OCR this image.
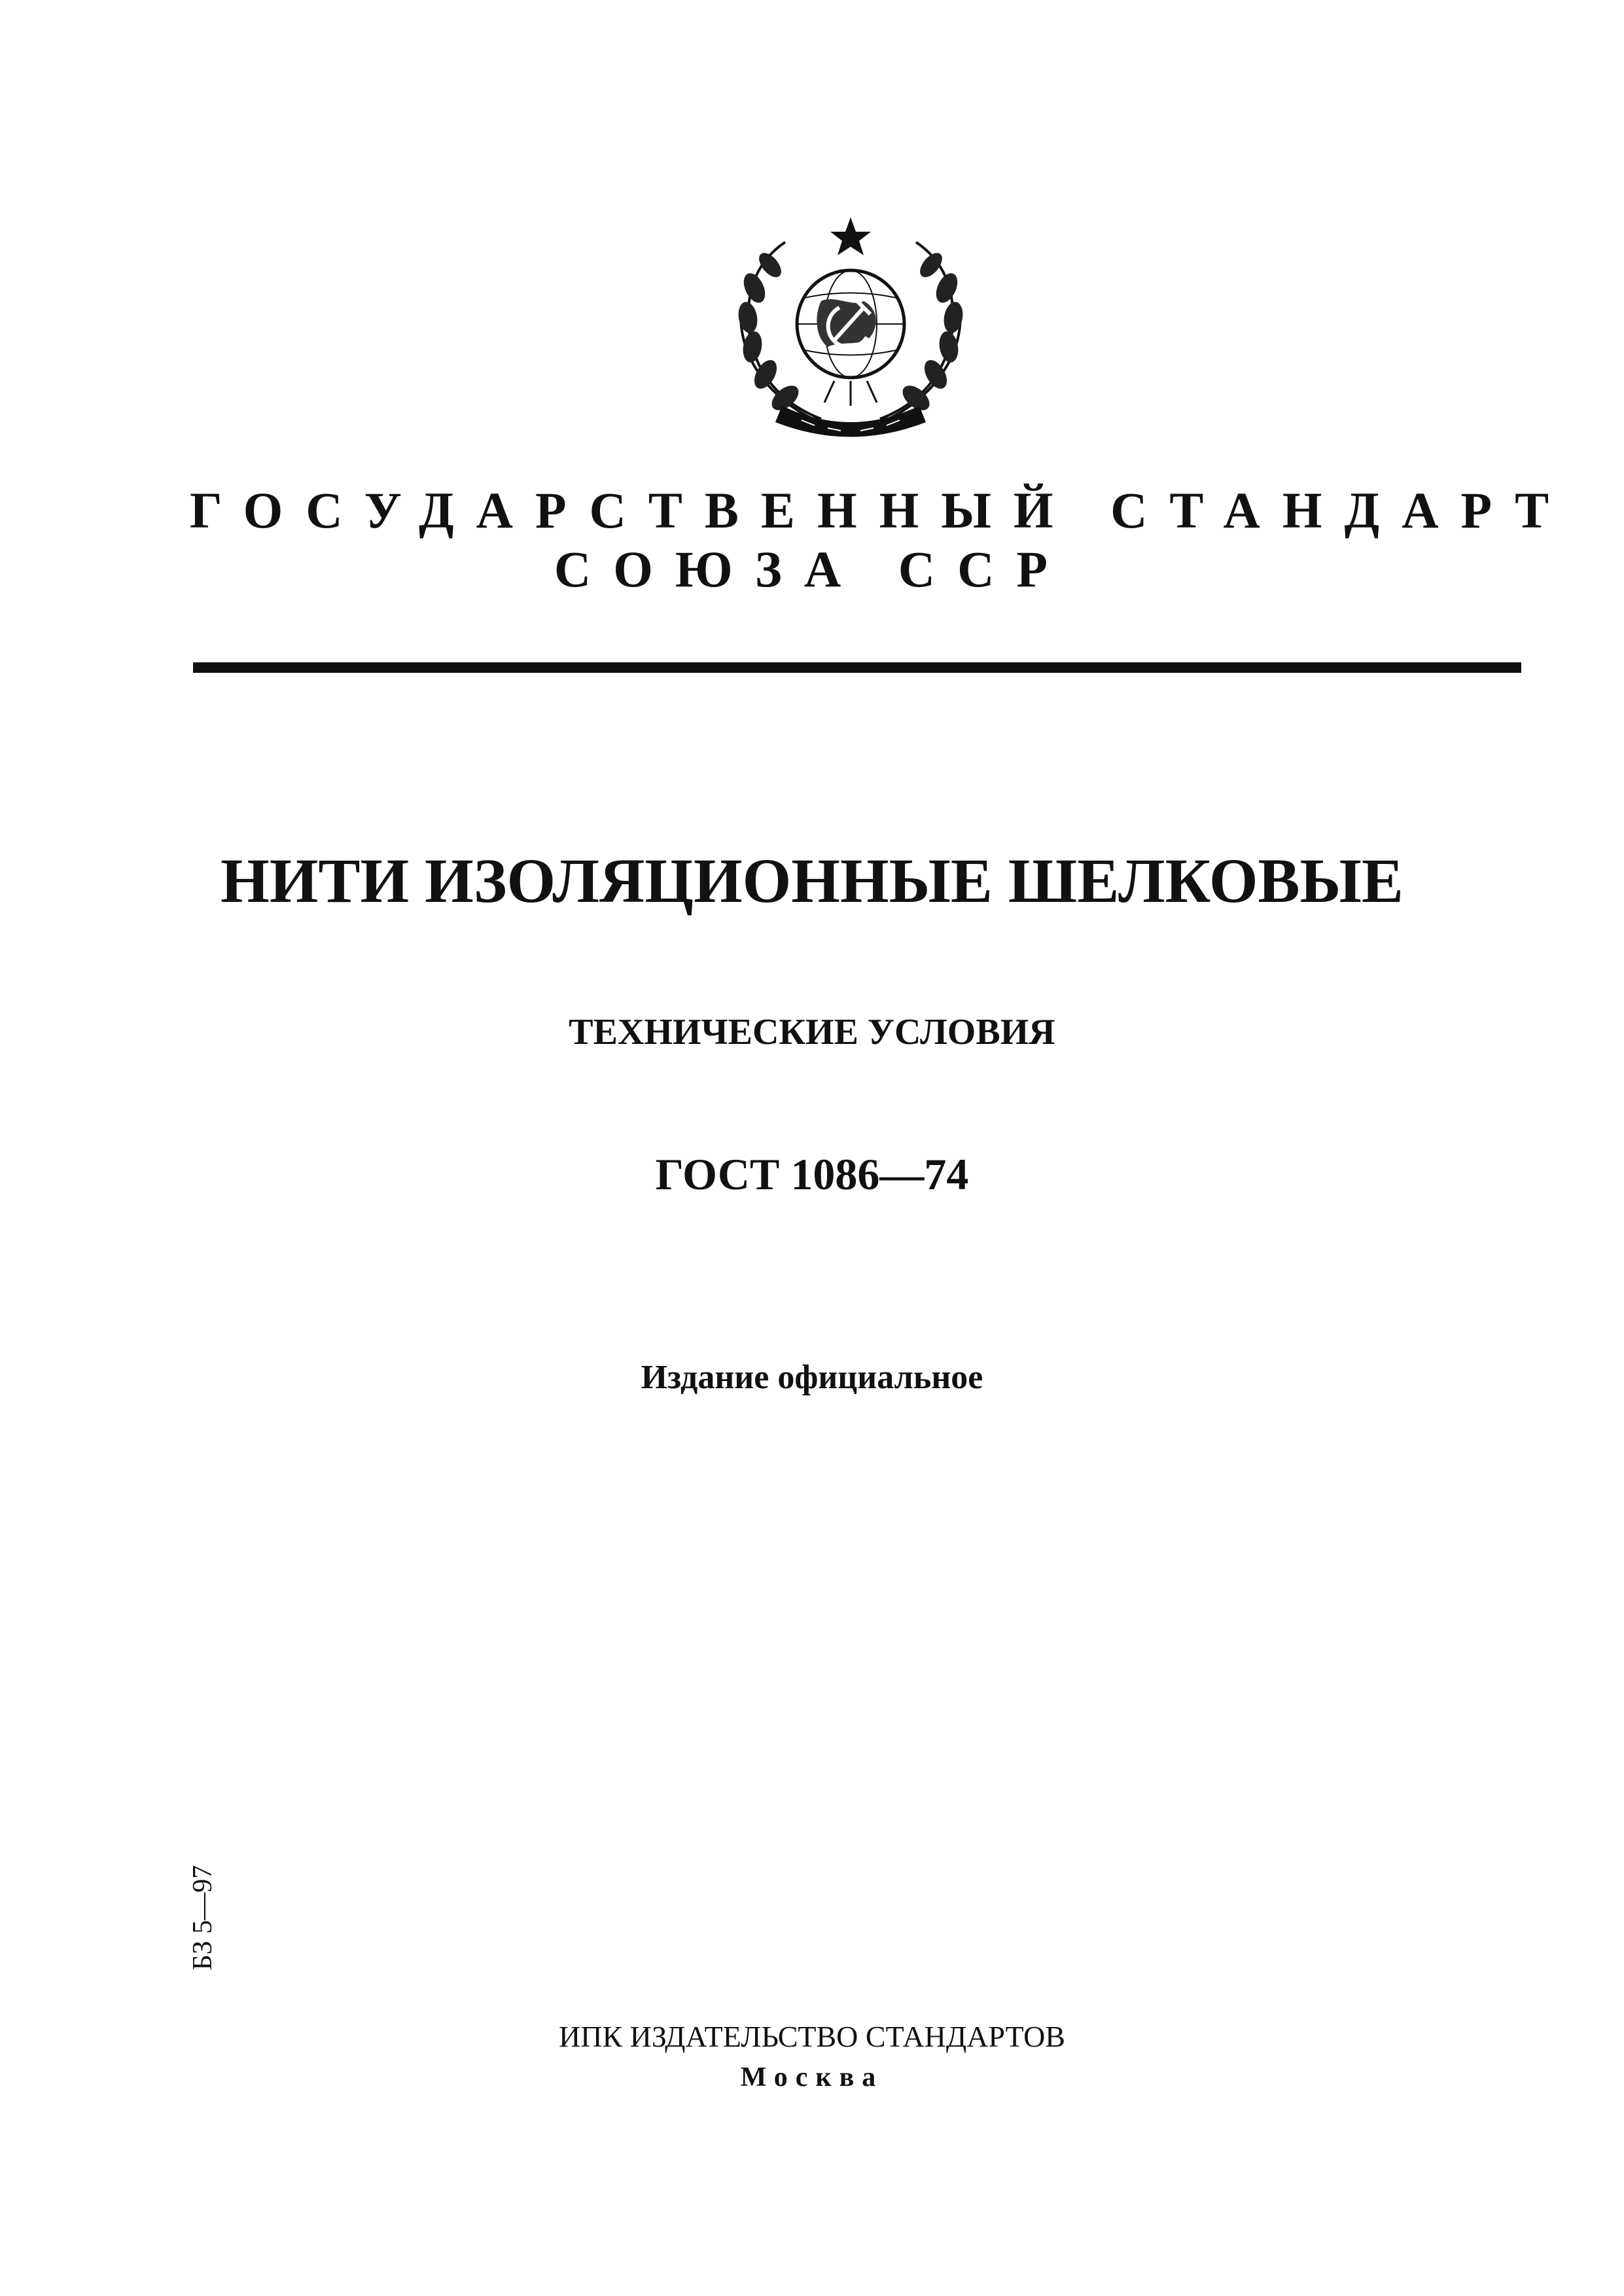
ГОСУДАРСТВЕННЫЙ СТАНДАРТ
СОЮЗА ССР
НИТИ ИЗОЛЯЦИОННЫЕ ШЕЛКОВЫЕ
ТЕХНИЧЕСКИЕ УСЛОВИЯ
ГОСТ 1086—74
Издание официальное
БЗ 5—97
ИПК ИЗДАТЕЛЬСТВО СТАНДАРТОВ
Москва
